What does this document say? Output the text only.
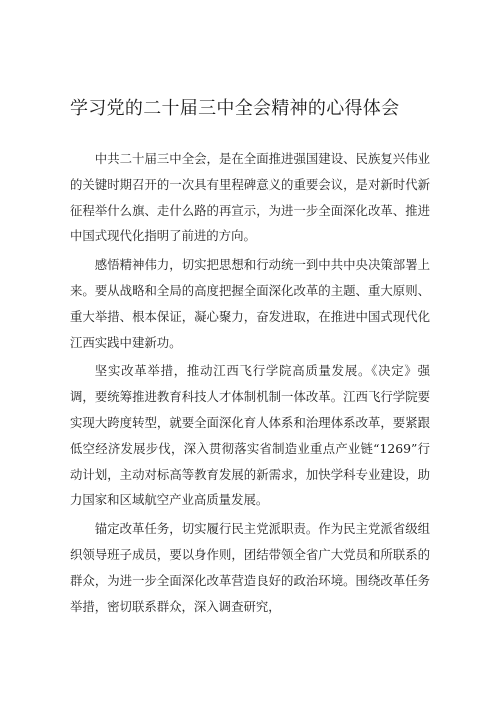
学习党的二十届三中全会精神的心得体会

中共二十届三中全会，是在全面推进强国建设、民族复兴伟业的关键时期召开的一次具有里程碑意义的重要会议，是对新时代新征程举什么旗、走什么路的再宣示，为进一步全面深化改革、推进中国式现代化指明了前进的方向。

感悟精神伟力，切实把思想和行动统一到中共中央决策部署上来。要从战略和全局的高度把握全面深化改革的主题、重大原则、重大举措、根本保证，凝心聚力，奋发进取，在推进中国式现代化江西实践中建新功。

坚实改革举措，推动江西飞行学院高质量发展。《决定》强调，要统筹推进教育科技人才体制机制一体改革。江西飞行学院要实现大跨度转型，就要全面深化育人体系和治理体系改革，要紧跟低空经济发展步伐，深入贯彻落实省制造业重点产业链“1269”行动计划，主动对标高等教育发展的新需求，加快学科专业建设，助力国家和区域航空产业高质量发展。

锚定改革任务，切实履行民主党派职责。作为民主党派省级组织领导班子成员，要以身作则，团结带领全省广大党员和所联系的群众，为进一步全面深化改革营造良好的政治环境。围绕改革任务举措，密切联系群众，深入调查研究，
